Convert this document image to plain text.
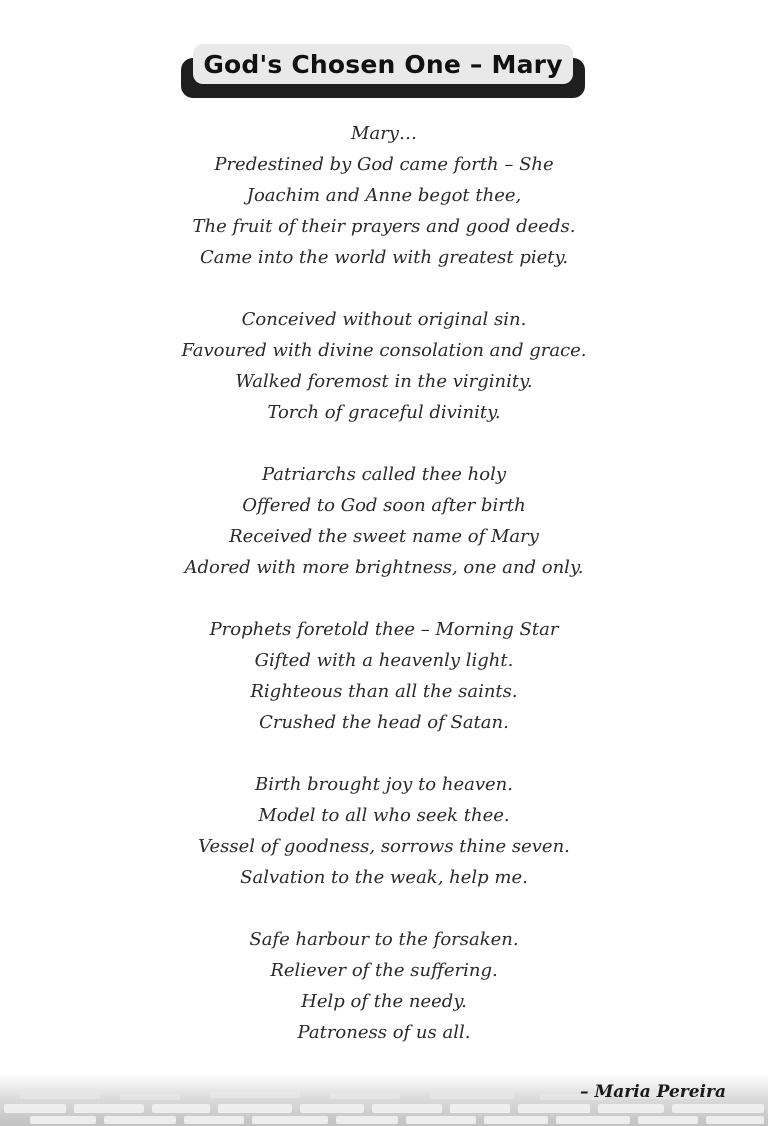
God's Chosen One – Mary
Mary…
Predestined by God came forth – She
Joachim and Anne begot thee,
The fruit of their prayers and good deeds.
Came into the world with greatest piety.
Conceived without original sin.
Favoured with divine consolation and grace.
Walked foremost in the virginity.
Torch of graceful divinity.
Patriarchs called thee holy
Offered to God soon after birth
Received the sweet name of Mary
Adored with more brightness, one and only.
Prophets foretold thee – Morning Star
Gifted with a heavenly light.
Righteous than all the saints.
Crushed the head of Satan.
Birth brought joy to heaven.
Model to all who seek thee.
Vessel of goodness, sorrows thine seven.
Salvation to the weak, help me.
Safe harbour to the forsaken.
Reliever of the suffering.
Help of the needy.
Patroness of us all.
– Maria Pereira
